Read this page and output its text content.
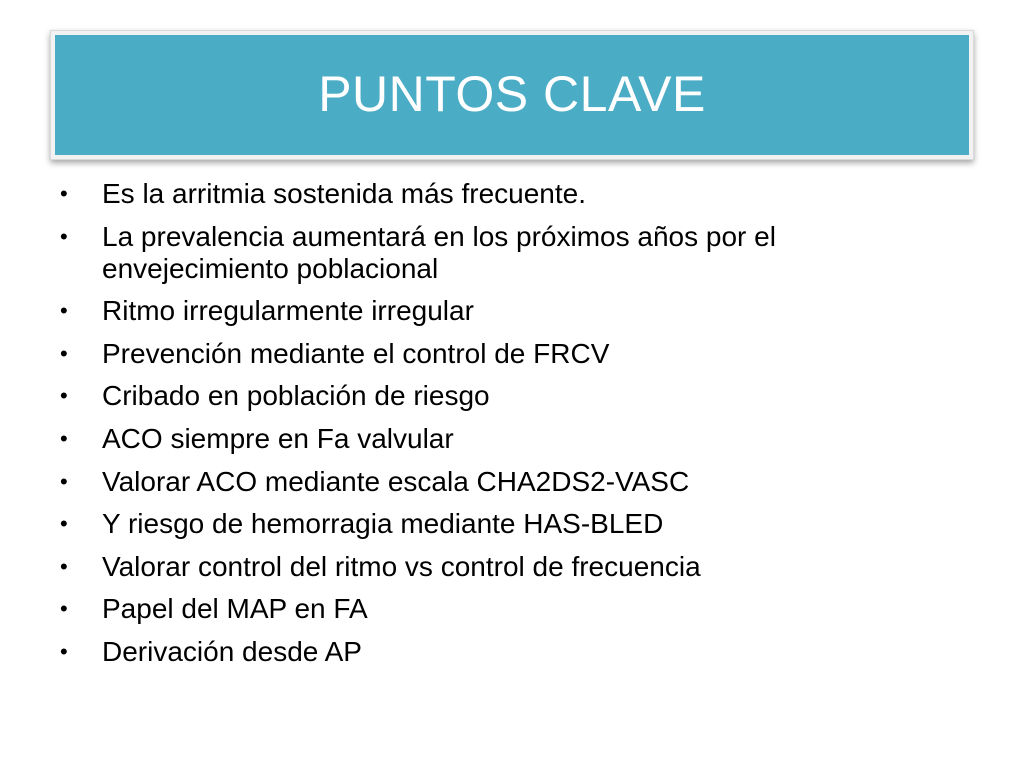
PUNTOS CLAVE
• Es la arritmia sostenida más frecuente.
• La prevalencia aumentará en los próximos años por el envejecimiento poblacional
• Ritmo irregularmente irregular
• Prevención mediante el control de FRCV
• Cribado en población de riesgo
• ACO siempre en Fa valvular
• Valorar ACO mediante escala CHA2DS2-VASC
• Y riesgo de hemorragia mediante HAS-BLED
• Valorar control del ritmo vs control de frecuencia
• Papel del MAP en FA
• Derivación desde AP
